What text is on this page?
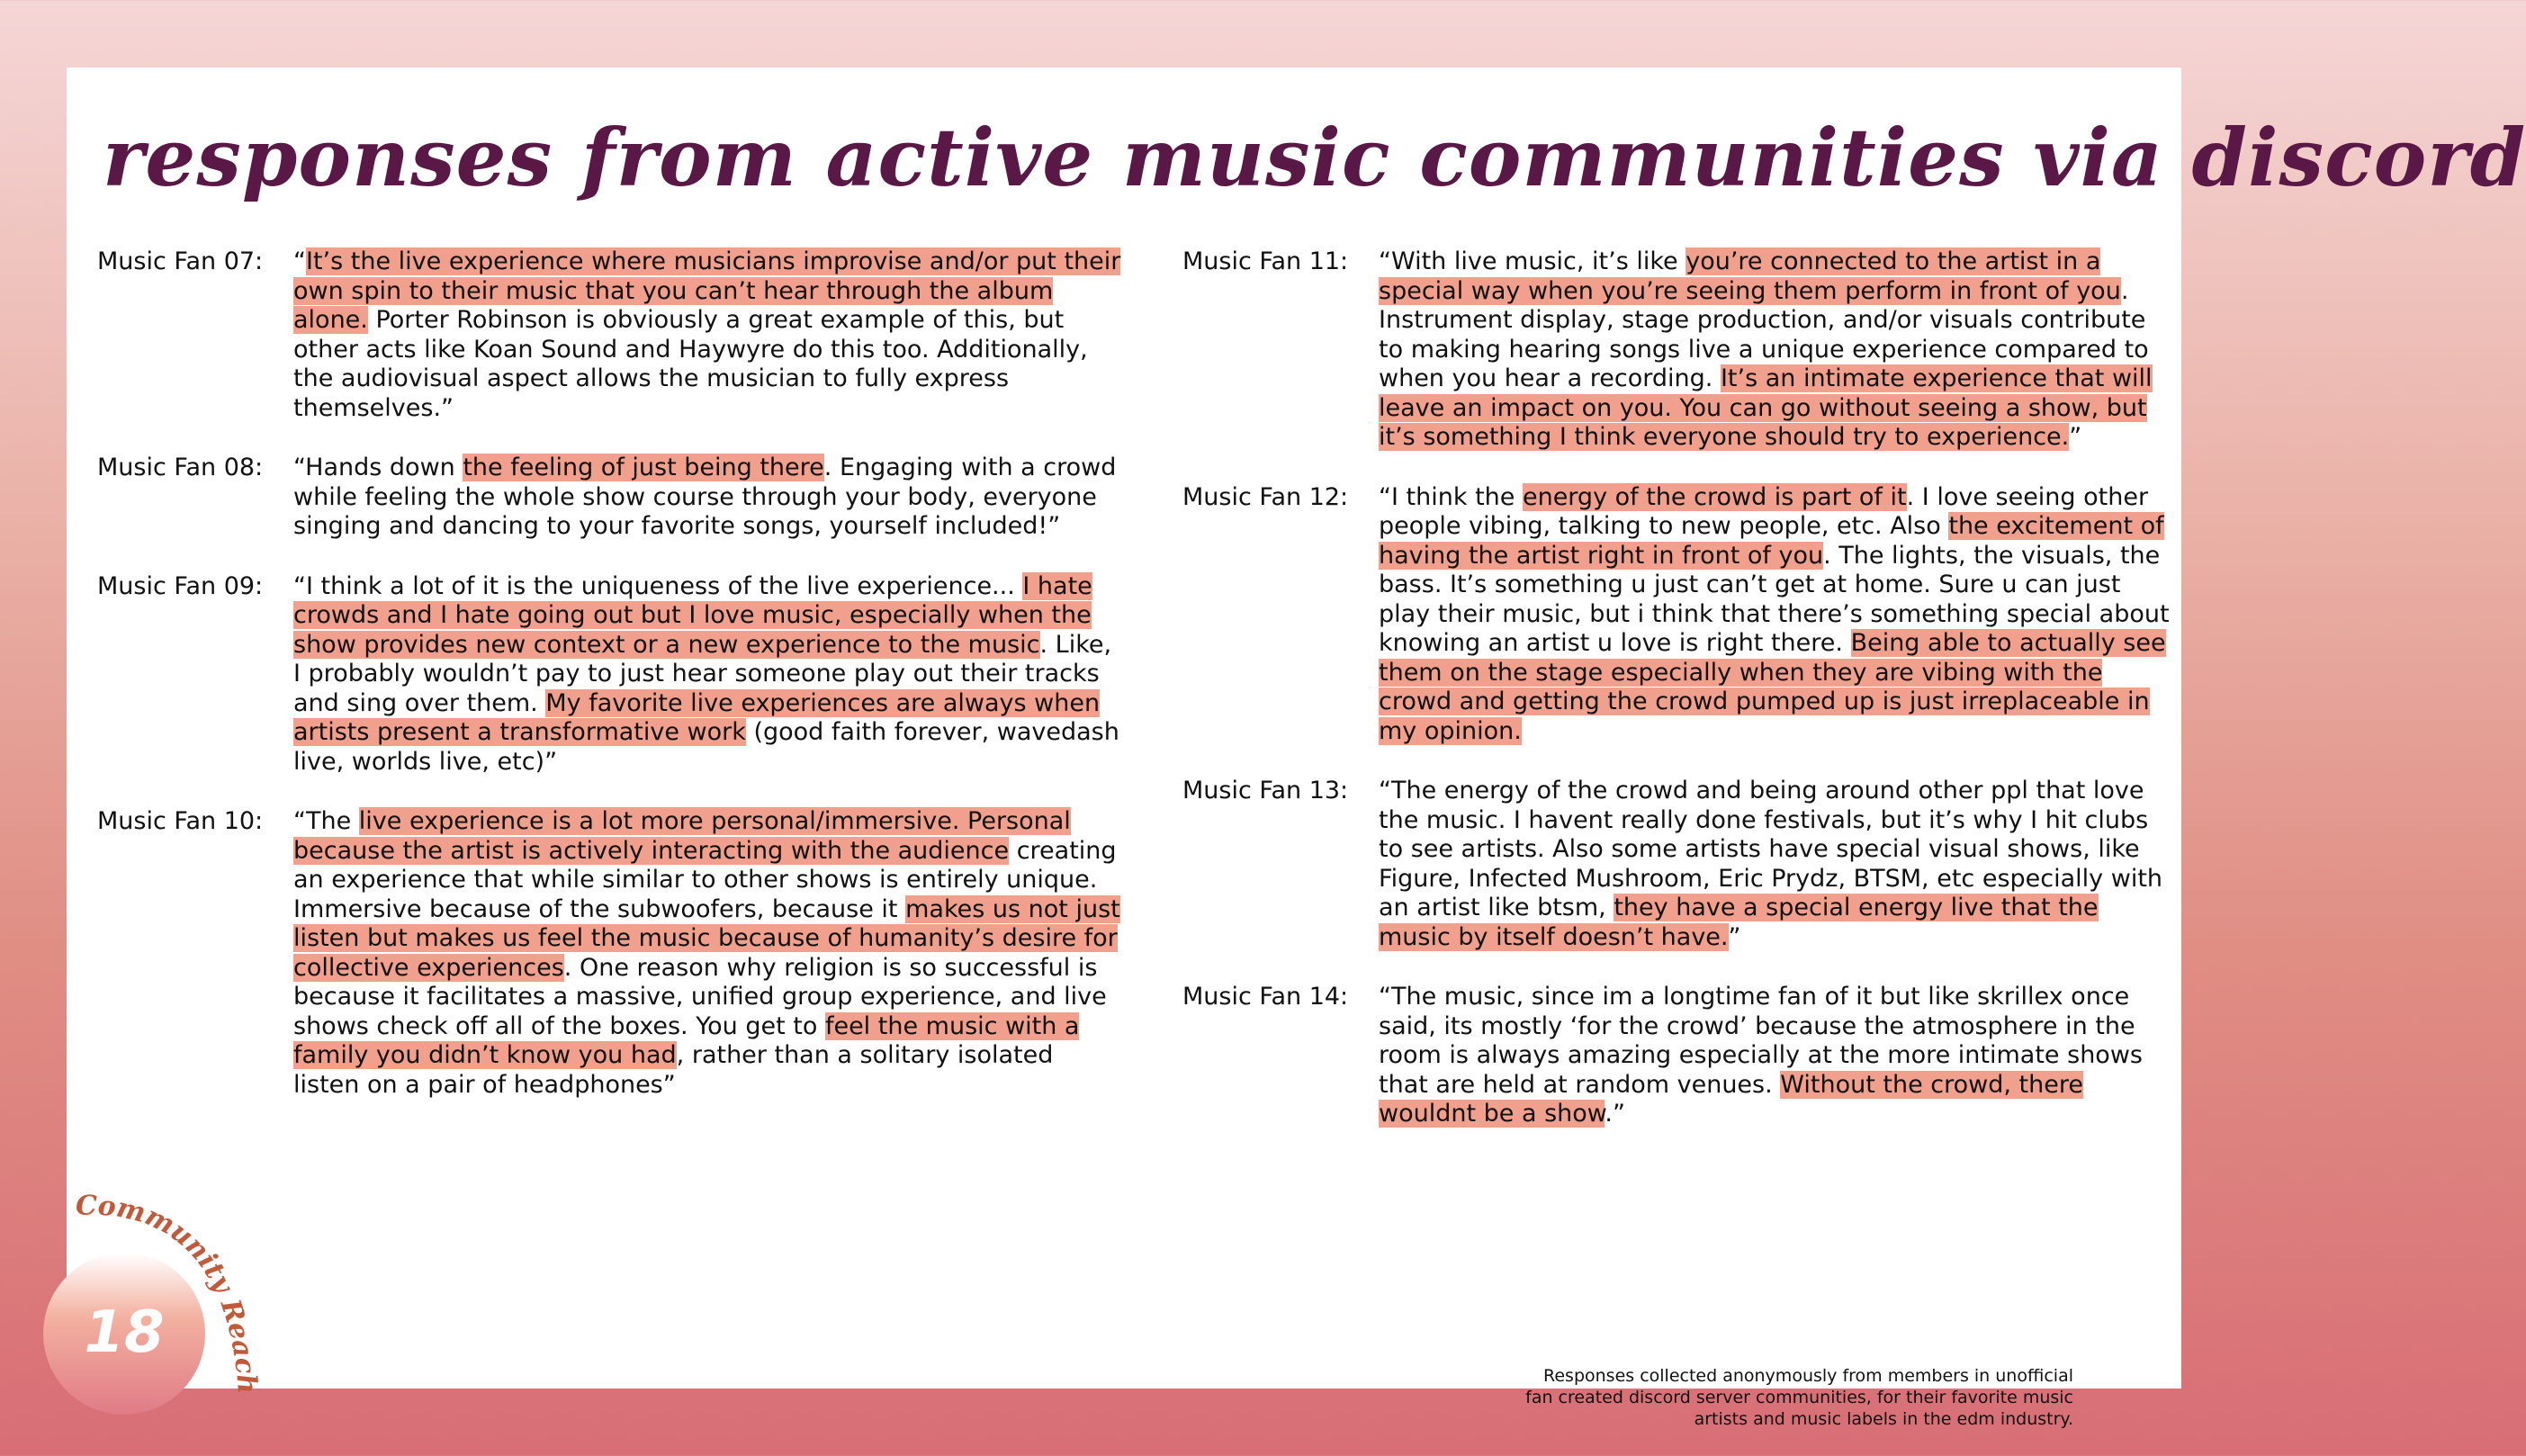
responses from active music communities via discord
Music Fan 07:	“It’s the live experience where musicians improvise and/or put their own spin to their music that you can’t hear through the album alone. Porter Robinson is obviously a great example of this, but other acts like Koan Sound and Haywyre do this too. Additionally, the audiovisual aspect allows the musician to fully express themselves.”
Music Fan 08:	“Hands down the feeling of just being there. Engaging with a crowd while feeling the whole show course through your body, everyone singing and dancing to your favorite songs, yourself included!”
Music Fan 09:	“I think a lot of it is the uniqueness of the live experience... I hate crowds and I hate going out but I love music, especially when the show provides new context or a new experience to the music. Like, I probably wouldn’t pay to just hear someone play out their tracks and sing over them. My favorite live experiences are always when artists present a transformative work (good faith forever, wavedash live, worlds live, etc)”
Music Fan 10:	“The live experience is a lot more personal/immersive. Personal because the artist is actively interacting with the audience creating an experience that while similar to other shows is entirely unique. Immersive because of the subwoofers, because it makes us not just listen but makes us feel the music because of humanity’s desire for collective experiences. One reason why religion is so successful is because it facilitates a massive, unified group experience, and live shows check off all of the boxes. You get to feel the music with a family you didn’t know you had, rather than a solitary isolated listen on a pair of headphones”
Music Fan 11:	“With live music, it’s like you’re connected to the artist in a special way when you’re seeing them perform in front of you. Instrument display, stage production, and/or visuals contribute to making hearing songs live a unique experience compared to when you hear a recording. It’s an intimate experience that will leave an impact on you. You can go without seeing a show, but it’s something I think everyone should try to experience.”
Music Fan 12:	“I think the energy of the crowd is part of it. I love seeing other people vibing, talking to new people, etc. Also the excitement of having the artist right in front of you. The lights, the visuals, the bass. It’s something u just can’t get at home. Sure u can just play their music, but i think that there’s something special about knowing an artist u love is right there. Being able to actually see them on the stage especially when they are vibing with the crowd and getting the crowd pumped up is just irreplaceable in my opinion.
Music Fan 13:	“The energy of the crowd and being around other ppl that love the music. I havent really done festivals, but it’s why I hit clubs to see artists. Also some artists have special visual shows, like Figure, Infected Mushroom, Eric Prydz, BTSM, etc especially with an artist like btsm, they have a special energy live that the music by itself doesn’t have.”
Music Fan 14:	“The music, since im a longtime fan of it but like skrillex once said, its mostly ‘for the crowd’ because the atmosphere in the room is always amazing especially at the more intimate shows that are held at random venues. Without the crowd, there wouldnt be a show.”
Responses collected anonymously from members in unofficial fan created discord server communities, for their favorite music artists and music labels in the edm industry.
18
Community Reach
